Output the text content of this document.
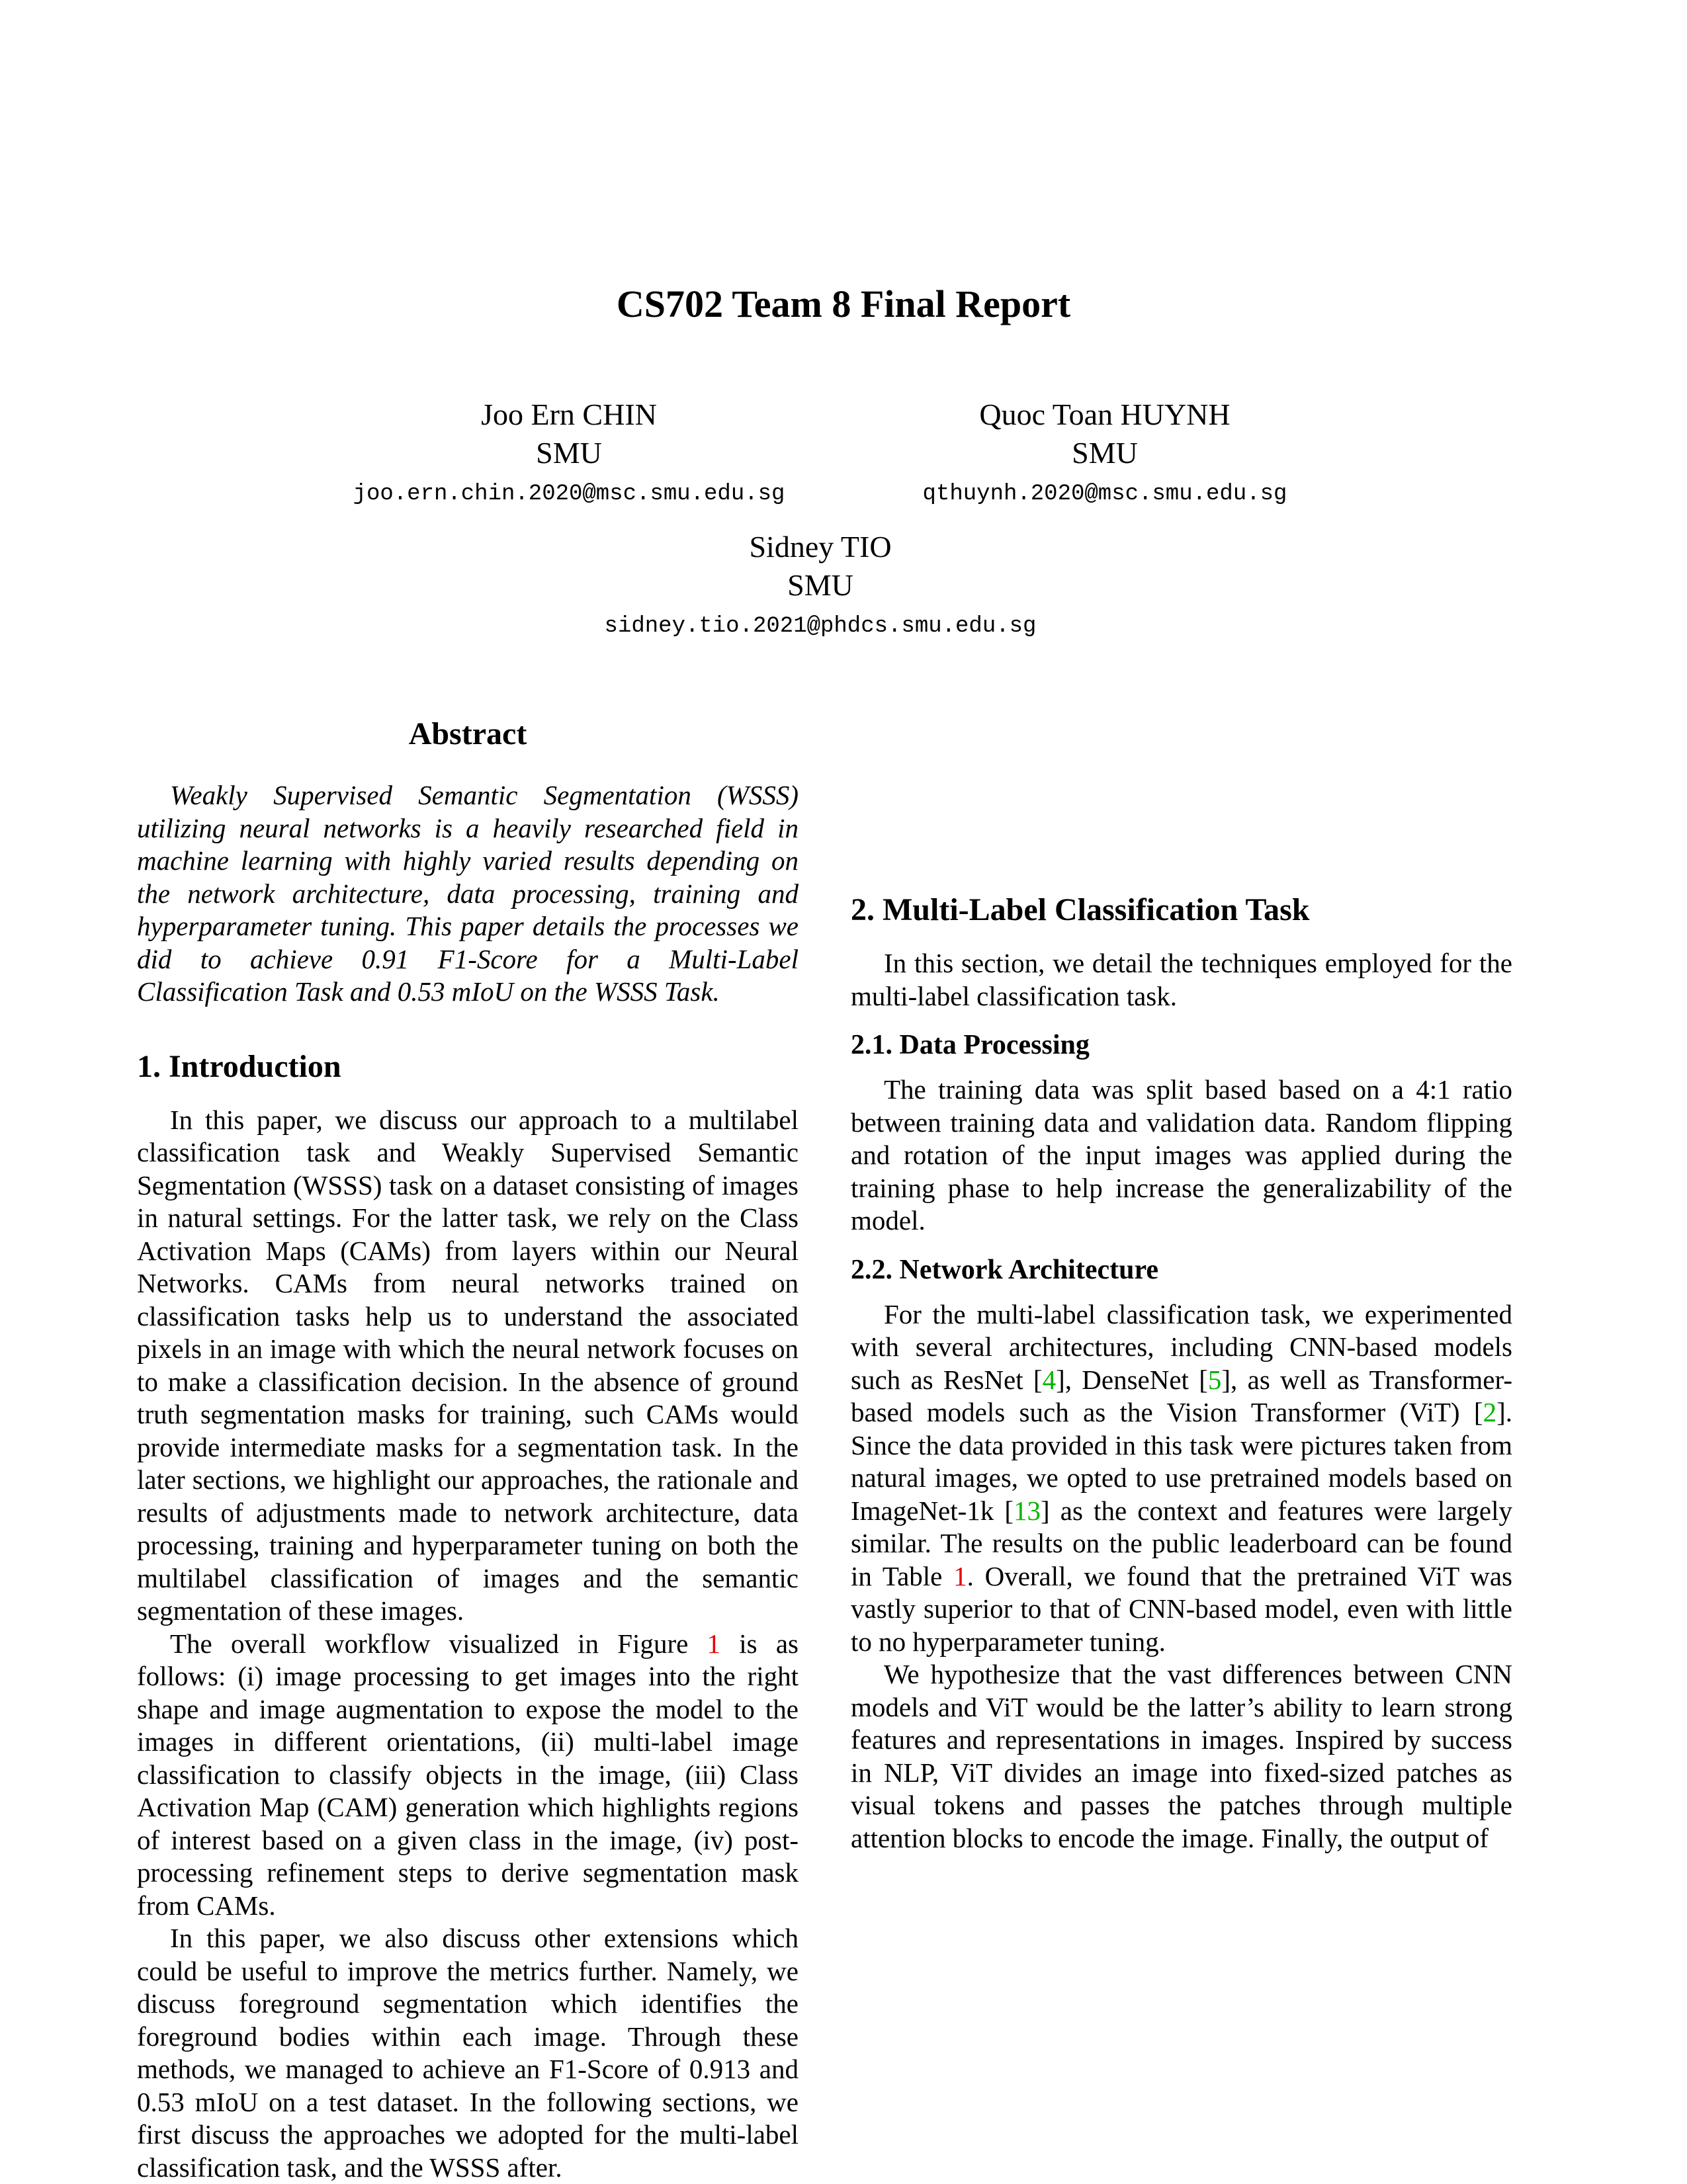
CS702 Team 8 Final Report
Joo Ern CHIN
SMU
joo.ern.chin.2020@msc.smu.edu.sg
Quoc Toan HUYNH
SMU
qthuynh.2020@msc.smu.edu.sg
Sidney TIO
SMU
sidney.tio.2021@phdcs.smu.edu.sg
Abstract

Weakly Supervised Semantic Segmentation (WSSS) utilizing neural networks is a heavily researched field in machine learning with highly varied results depending on the network architecture, data processing, training and hyperparameter tuning. This paper details the processes we did to achieve 0.91 F1-Score for a Multi-Label Classification Task and 0.53 mIoU on the WSSS Task.

1. Introduction

In this paper, we discuss our approach to a multilabel classification task and Weakly Supervised Semantic Segmentation (WSSS) task on a dataset consisting of images in natural settings. For the latter task, we rely on the Class Activation Maps (CAMs) from layers within our Neural Networks. CAMs from neural networks trained on classification tasks help us to understand the associated pixels in an image with which the neural network focuses on to make a classification decision. In the absence of ground truth segmentation masks for training, such CAMs would provide intermediate masks for a segmentation task. In the later sections, we highlight our approaches, the rationale and results of adjustments made to network architecture, data processing, training and hyperparameter tuning on both the multilabel classification of images and the semantic segmentation of these images.

The overall workflow visualized in Figure 1 is as follows: (i) image processing to get images into the right shape and image augmentation to expose the model to the images in different orientations, (ii) multi-label image classification to classify objects in the image, (iii) Class Activation Map (CAM) generation which highlights regions of interest based on a given class in the image, (iv) post-processing refinement steps to derive segmentation mask from CAMs.

In this paper, we also discuss other extensions which could be useful to improve the metrics further. Namely, we discuss foreground segmentation which identifies the foreground bodies within each image. Through these methods, we managed to achieve an F1-Score of 0.913 and 0.53 mIoU on a test dataset. In the following sections, we first discuss the approaches we adopted for the multi-label classification task, and the WSSS after.

2. Multi-Label Classification Task

In this section, we detail the techniques employed for the multi-label classification task.

2.1. Data Processing

The training data was split based based on a 4:1 ratio between training data and validation data. Random flipping and rotation of the input images was applied during the training phase to help increase the generalizability of the model.

2.2. Network Architecture

For the multi-label classification task, we experimented with several architectures, including CNN-based models such as ResNet [4], DenseNet [5], as well as Transformer-based models such as the Vision Transformer (ViT) [2]. Since the data provided in this task were pictures taken from natural images, we opted to use pretrained models based on ImageNet-1k [13] as the context and features were largely similar. The results on the public leaderboard can be found in Table 1. Overall, we found that the pretrained ViT was vastly superior to that of CNN-based model, even with little to no hyperparameter tuning.

We hypothesize that the vast differences between CNN models and ViT would be the latter’s ability to learn strong features and representations in images. Inspired by success in NLP, ViT divides an image into fixed-sized patches as visual tokens and passes the patches through multiple attention blocks to encode the image. Finally, the output of
